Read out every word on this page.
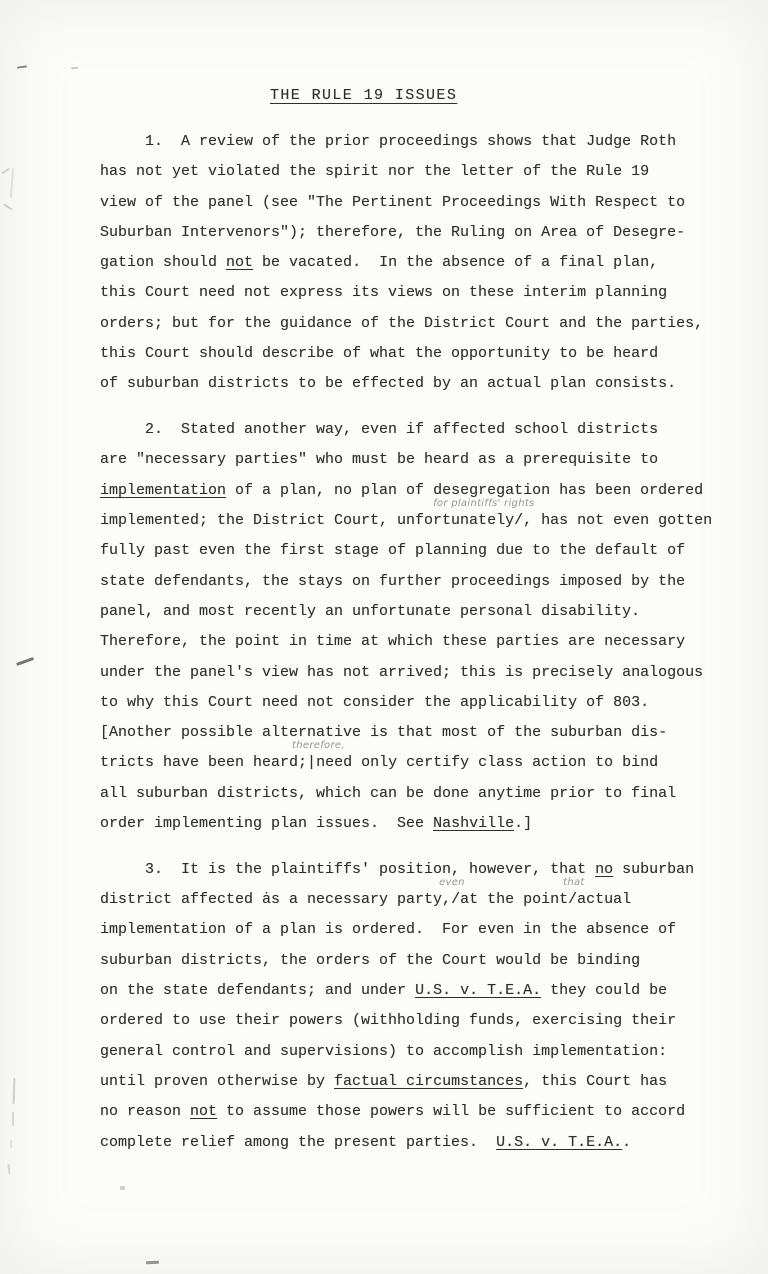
THE RULE 19 ISSUES
1.  A review of the prior proceedings shows that Judge Roth
has not yet violated the spirit nor the letter of the Rule 19
view of the panel (see "The Pertinent Proceedings With Respect to
Suburban Intervenors"); therefore, the Ruling on Area of Desegre-
gation should not be vacated.  In the absence of a final plan,
this Court need not express its views on these interim planning
orders; but for the guidance of the District Court and the parties,
this Court should describe of what the opportunity to be heard
of suburban districts to be effected by an actual plan consists.
2.  Stated another way, even if affected school districts
are "necessary parties" who must be heard as a prerequisite to
implementation of a plan, no plan of desegregation has been ordered
implemented; the District Court, unfortunately/
for plaintiffs' rights
, has not even gotten
fully past even the first stage of planning due to the default of
state defendants, the stays on further proceedings imposed by the
panel, and most recently an unfortunate personal disability.
Therefore, the point in time at which these parties are necessary
under the panel's view has not arrived; this is precisely analogous
to why this Court need not consider the applicability of 803.
[Another possible alternative is that most of the suburban dis-
tricts have been heard;|
therefore,
need only certify class action to bind
all suburban districts, which can be done anytime prior to final
order implementing plan issues.  See Nashville.]
3.  It is the plaintiffs' position, however, that no suburban
district affected ȧs a necessary party,/
even
at the point/
that
actual
implementation of a plan is ordered.  For even in the absence of
suburban districts, the orders of the Court would be binding
on the state defendants; and under U.S. v. T.E.A. they could be
ordered to use their powers (withholding funds, exercising their
general control and supervisions) to accomplish implementation:
until proven otherwise by factual circumstances, this Court has
no reason not to assume those powers will be sufficient to accord
complete relief among the present parties.  U.S. v. T.E.A..
